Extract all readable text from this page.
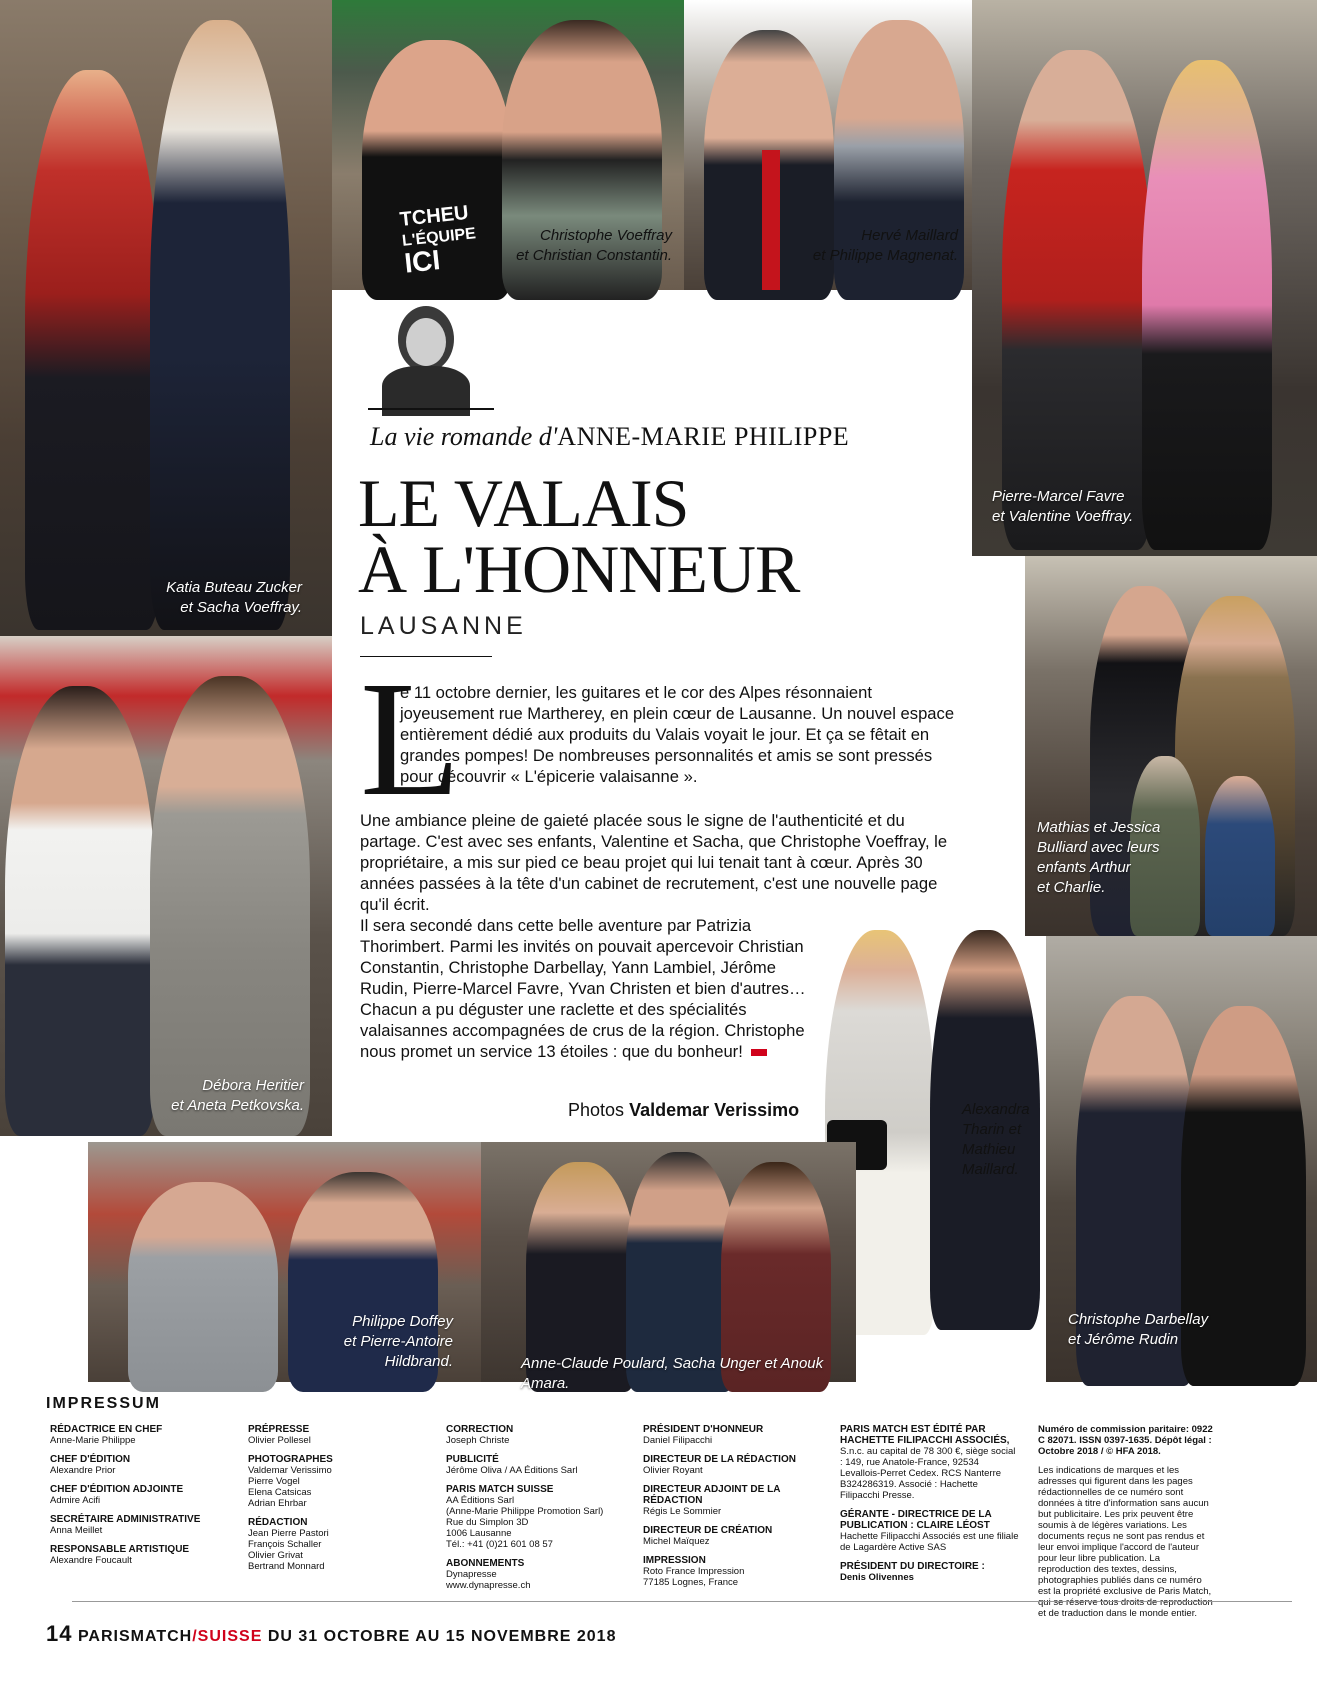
Katia Buteau Zucker
et Sacha Voeffray.
TCHEU
L'ÉQUIPE
ICI
Christophe Voeffray
et Christian Constantin.
Hervé Maillard
et Philippe Magnenat.
Pierre-Marcel Favre
et Valentine Voeffray.
Mathias et Jessica
Bulliard avec leurs
enfants Arthur
et Charlie.
Débora Heritier
et Aneta Petkovska.	Alexandra
Tharin et
Mathieu
Maillard.
Philippe Doffey
et Pierre-Antoire
Hildbrand.	Anne-Claude Poulard, Sacha Unger et Anouk Amara.
Christophe Darbellay
et Jérôme Rudin
La vie romande d'ANNE-MARIE PHILIPPE
LE VALAIS
À L'HONNEUR
LAUSANNE
L
e 11 octobre dernier, les guitares et le cor des Alpes résonnaient joyeusement rue Martherey, en plein cœur de Lausanne. Un nouvel espace entièrement dédié aux produits du Valais voyait le jour. Et ça se fêtait en grandes pompes! De nombreuses personnalités et amis se sont pressés pour découvrir « L'épicerie valaisanne ».
Une ambiance pleine de gaieté placée sous le signe de l'authenticité et du partage. C'est avec ses enfants, Valentine et Sacha, que Christophe Voeffray, le propriétaire, a mis sur pied ce beau projet qui lui tenait tant à cœur. Après 30 années passées à la tête d'un cabinet de recrutement, c'est une nouvelle page qu'il écrit.
Il sera secondé dans cette belle aventure par Patrizia Thorimbert. Parmi les invités on pouvait apercevoir Christian Constantin, Christophe Darbellay, Yann Lambiel, Jérôme Rudin, Pierre-Marcel Favre, Yvan Christen et bien d'autres… Chacun a pu déguster une raclette et des spécialités valaisannes accompagnées de crus de la région. Christophe nous promet un service 13 étoiles : que du bonheur!
Photos Valdemar Verissimo
IMPRESSUM
RÉDACTRICE EN CHEF
Anne-Marie Philippe
CHEF D'ÉDITION
Alexandre Prior
CHEF D'ÉDITION ADJOINTE
Admire Acifi
SECRÉTAIRE ADMINISTRATIVE
Anna Meillet
RESPONSABLE ARTISTIQUE
Alexandre Foucault
PRÉPRESSE
Olivier Pollesel
PHOTOGRAPHES
Valdemar Verissimo
Pierre Vogel
Elena Catsicas
Adrian Ehrbar
RÉDACTION
Jean Pierre Pastori
François Schaller
Olivier Grivat
Bertrand Monnard
CORRECTION
Joseph Christe
PUBLICITÉ
Jérôme Oliva / AA Éditions Sarl
PARIS MATCH SUISSE
AA Éditions Sarl
(Anne-Marie Philippe Promotion Sarl)
Rue du Simplon 3D
1006 Lausanne
Tél.: +41 (0)21 601 08 57
ABONNEMENTS
Dynapresse
www.dynapresse.ch
PRÉSIDENT D'HONNEUR
Daniel Filipacchi
DIRECTEUR DE LA RÉDACTION
Olivier Royant
DIRECTEUR ADJOINT DE LA RÉDACTION
Régis Le Sommier
DIRECTEUR DE CRÉATION
Michel Maïquez
IMPRESSION
Roto France Impression
77185 Lognes, France
PARIS MATCH EST ÉDITÉ PAR HACHETTE FILIPACCHI ASSOCIÉS,
S.n.c. au capital de 78 300 €, siège social : 149, rue Anatole-France, 92534 Levallois-Perret Cedex. RCS Nanterre B324286319. Associé : Hachette Filipacchi Presse.
GÉRANTE - DIRECTRICE DE LA PUBLICATION : CLAIRE LÉOST
Hachette Filipacchi Associés est une filiale de Lagardère Active SAS
PRÉSIDENT DU DIRECTOIRE :
Denis Olivennes
Numéro de commission paritaire: 0922 C 82071. ISSN 0397-1635. Dépôt légal : Octobre 2018 / © HFA 2018.
Les indications de marques et les adresses qui figurent dans les pages rédactionnelles de ce numéro sont données à titre d'information sans aucun but publicitaire. Les prix peuvent être soumis à de légères variations. Les documents reçus ne sont pas rendus et leur envoi implique l'accord de l'auteur pour leur libre publication. La reproduction des textes, dessins, photographies publiés dans ce numéro est la propriété exclusive de Paris Match, qui se réserve tous droits de reproduction et de traduction dans le monde entier.
14 PARISMATCH/SUISSE DU 31 OCTOBRE AU 15 NOVEMBRE 2018
